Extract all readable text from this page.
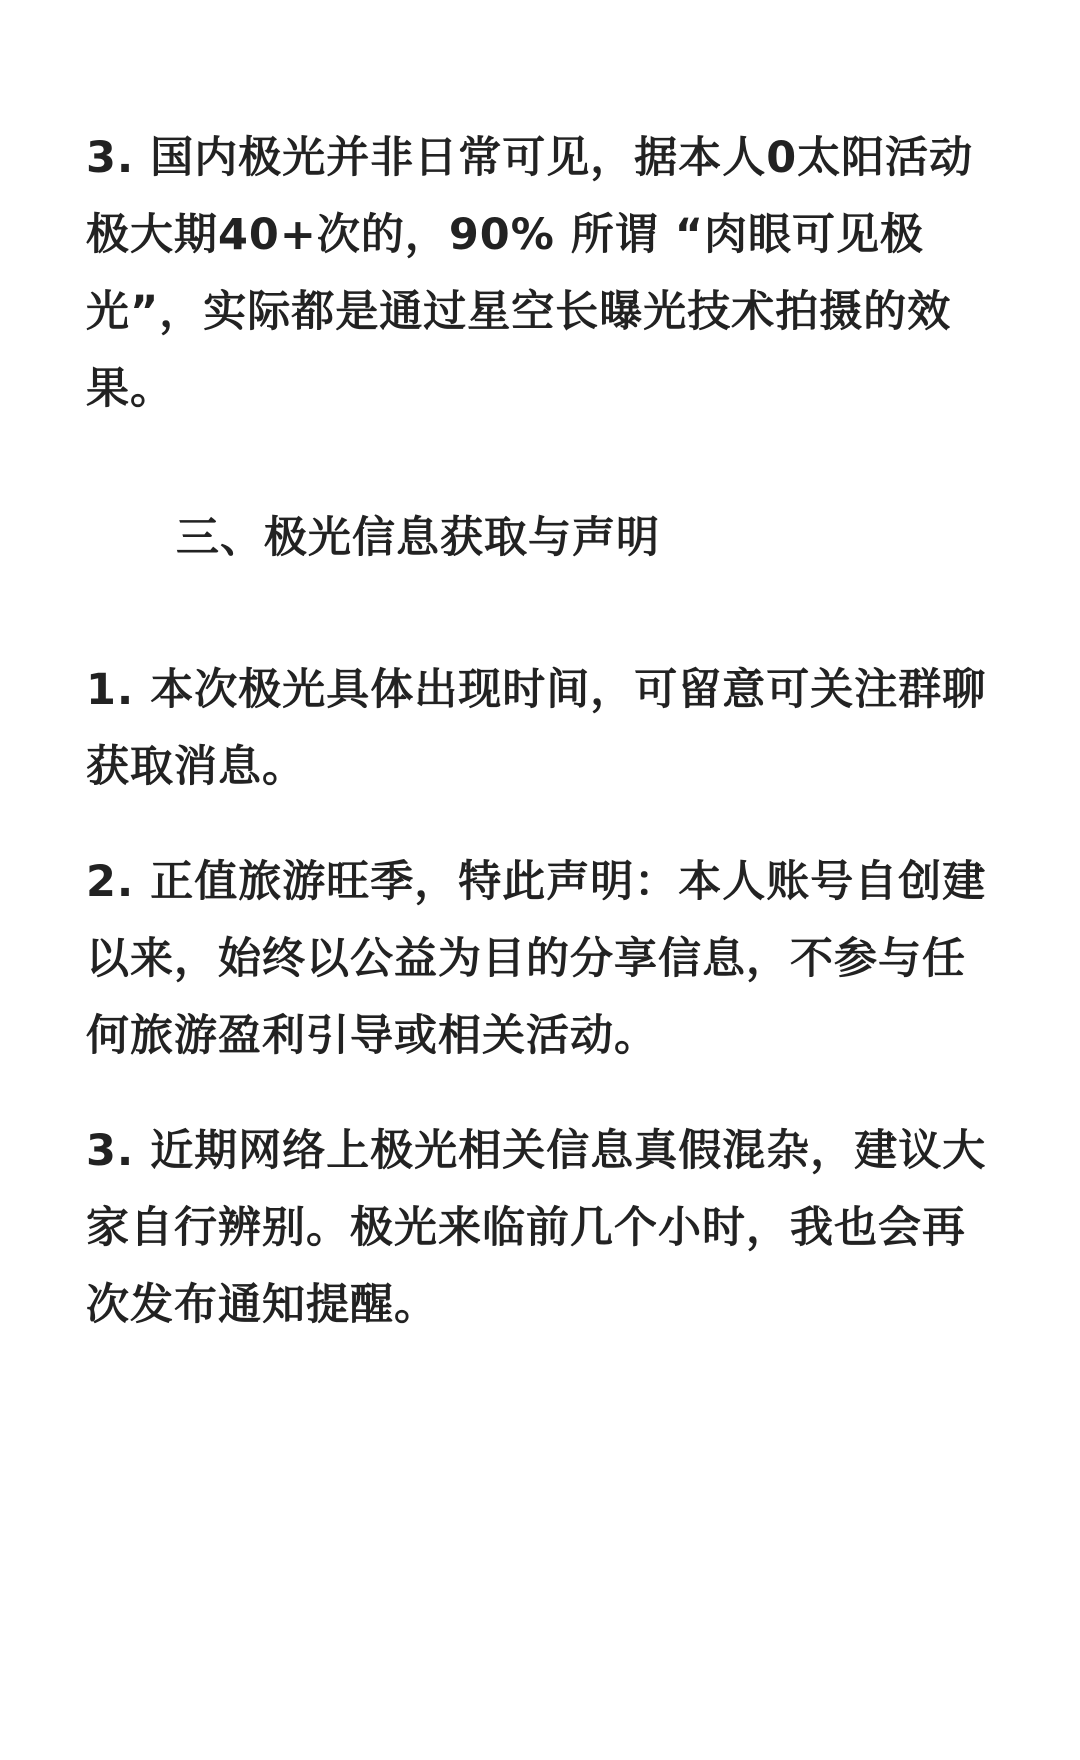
3. 国内极光并非日常可见，据本人0太阳活动极大期40+次的，90% 所谓 “肉眼可见极光”，实际都是通过星空长曝光技术拍摄的效果。

三、极光信息获取与声明

1. 本次极光具体出现时间，可留意可关注群聊获取消息。

2. 正值旅游旺季，特此声明：本人账号自创建以来，始终以公益为目的分享信息，不参与任何旅游盈利引导或相关活动。

3. 近期网络上极光相关信息真假混杂，建议大家自行辨别。极光来临前几个小时，我也会再次发布通知提醒。
